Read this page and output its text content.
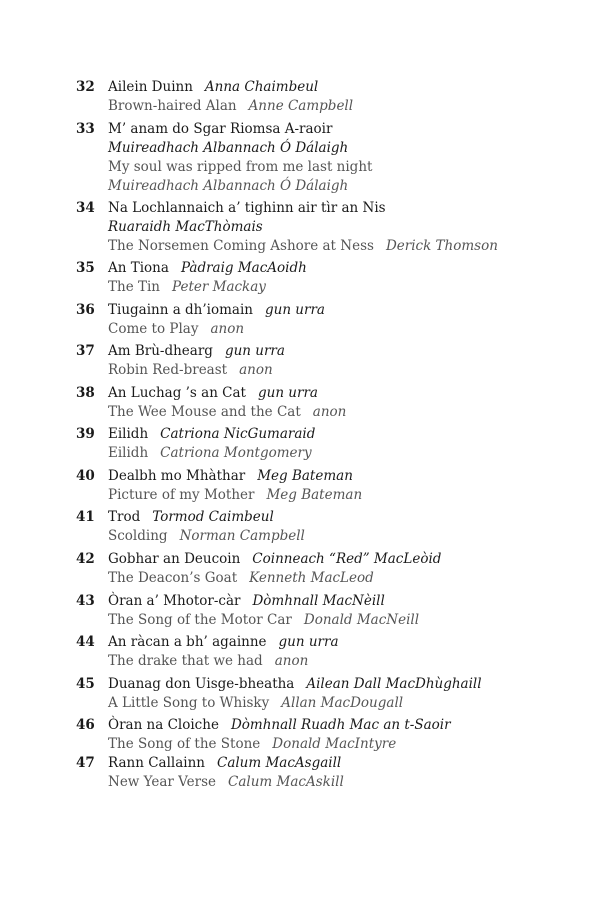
32 Ailein Duinn Anna Chaimbeul
Brown-haired Alan Anne Campbell
33 M’ anam do Sgar Riomsa A-raoir
Muireadhach Albannach Ó Dálaigh
My soul was ripped from me last night
Muireadhach Albannach Ó Dálaigh
34 Na Lochlannaich a’ tighinn air tìr an Nis
Ruaraidh MacThòmais
The Norsemen Coming Ashore at Ness Derick Thomson
35 An Tiona Pàdraig MacAoidh
The Tin Peter Mackay
36 Tiugainn a dh’iomain gun urra
Come to Play anon
37 Am Brù-dhearg gun urra
Robin Red-breast anon
38 An Luchag ’s an Cat gun urra
The Wee Mouse and the Cat anon
39 Eilidh Catriona NicGumaraid
Eilidh Catriona Montgomery
40 Dealbh mo Mhàthar Meg Bateman
Picture of my Mother Meg Bateman
41 Trod Tormod Caimbeul
Scolding Norman Campbell
42 Gobhar an Deucoin Coinneach “Red” MacLeòid
The Deacon’s Goat Kenneth MacLeod
43 Òran a’ Mhotor-càr Dòmhnall MacNèill
The Song of the Motor Car Donald MacNeill
44 An ràcan a bh’ againne gun urra
The drake that we had anon
45 Duanag don Uisge-bheatha Ailean Dall MacDhùghaill
A Little Song to Whisky Allan MacDougall
46 Òran na Cloiche Dòmhnall Ruadh Mac an t-Saoir
The Song of the Stone Donald MacIntyre
47 Rann Callainn Calum MacAsgaill
New Year Verse Calum MacAskill
